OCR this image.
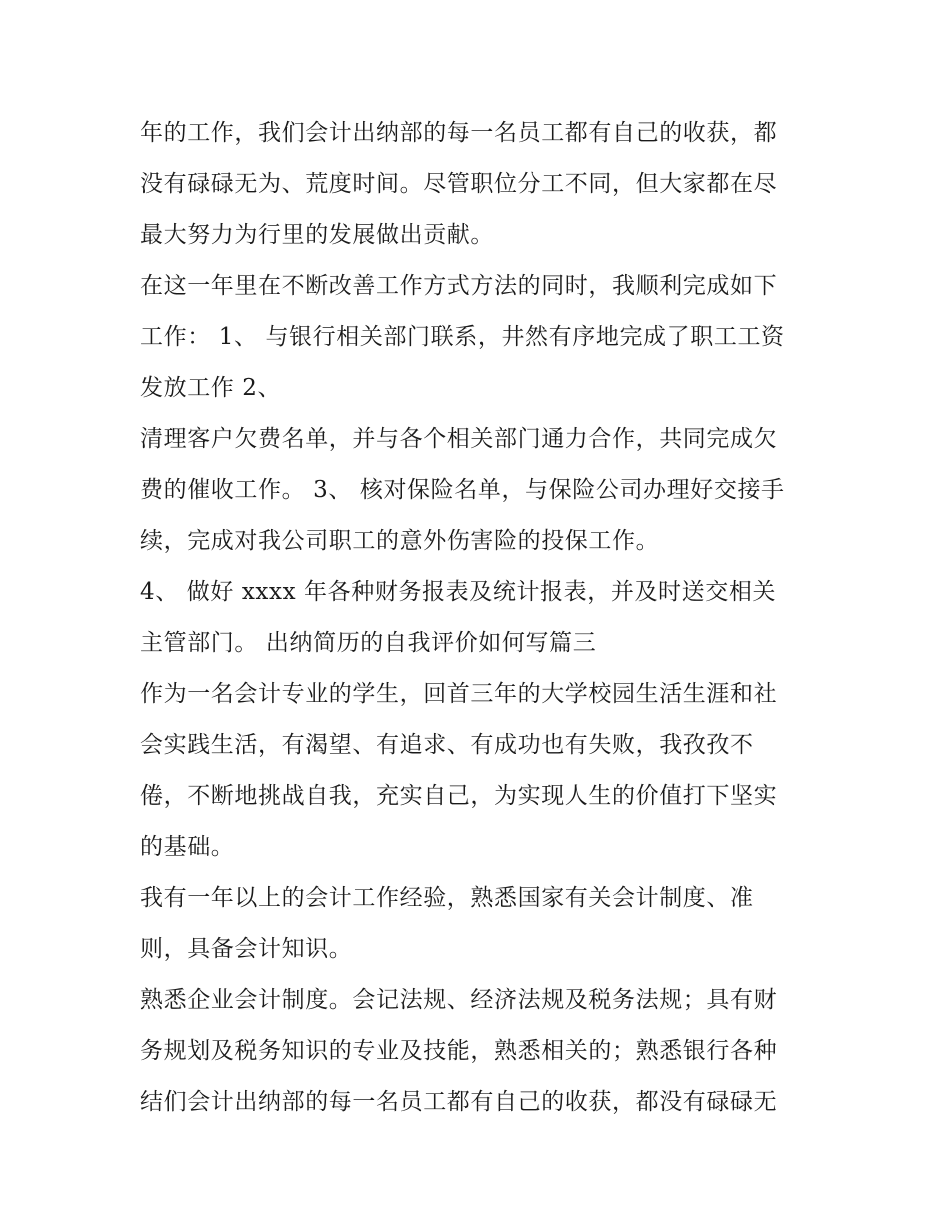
年的工作，我们会计出纳部的每一名员工都有自己的收获，都
没有碌碌无为、荒度时间。尽管职位分工不同，但大家都在尽
最大努力为行里的发展做出贡献。
在这一年里在不断改善工作方式方法的同时，我顺利完成如下
工作： 1、 与银行相关部门联系，井然有序地完成了职工工资
发放工作 2、
清理客户欠费名单，并与各个相关部门通力合作，共同完成欠
费的催收工作。 3、 核对保险名单，与保险公司办理好交接手
续，完成对我公司职工的意外伤害险的投保工作。
4、 做好 xxxx 年各种财务报表及统计报表，并及时送交相关
主管部门。 出纳简历的自我评价如何写篇三
作为一名会计专业的学生，回首三年的大学校园生活生涯和社
会实践生活，有渴望、有追求、有成功也有失败，我孜孜不
倦，不断地挑战自我，充实自己，为实现人生的价值打下坚实
的基础。
我有一年以上的会计工作经验，熟悉国家有关会计制度、准
则，具备会计知识。
熟悉企业会计制度。会记法规、经济法规及税务法规；具有财
务规划及税务知识的专业及技能，熟悉相关的；熟悉银行各种
结们会计出纳部的每一名员工都有自己的收获，都没有碌碌无
